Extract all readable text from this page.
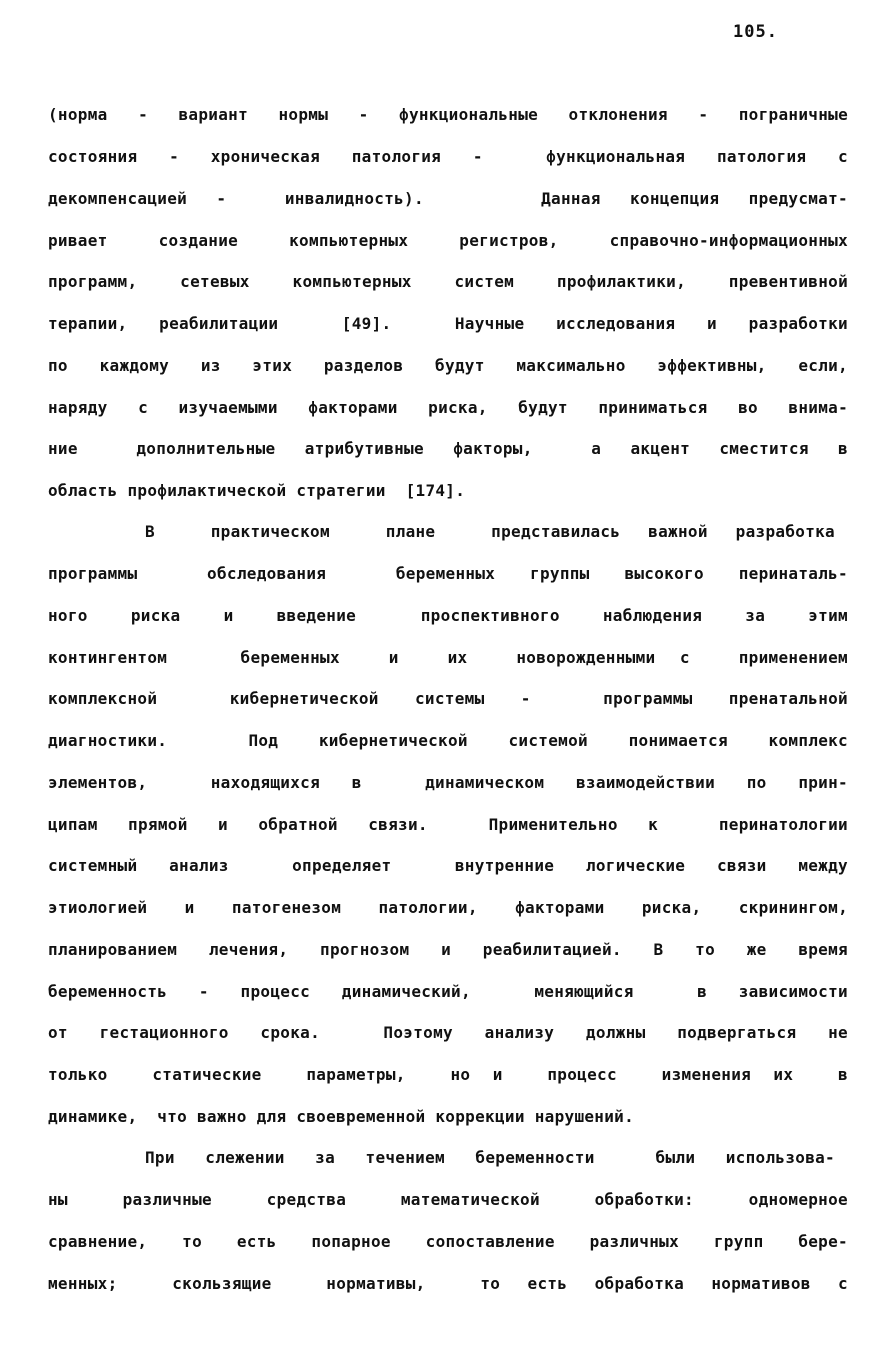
105.
(норма - вариант нормы - функциональные отклонения - пограничные
состояния - хроническая патология -  функциональная патология с
декомпенсацией -  инвалидность).    Данная концепция предусмат-
ривает создание компьютерных регистров, справочно-информационных
программ, сетевых компьютерных систем профилактики, превентивной
терапии, реабилитации  [49].  Научные исследования и разработки
по каждому из этих разделов будут максимально эффективны, если,
наряду с изучаемыми факторами риска, будут приниматься во внима-
ние  дополнительные атрибутивные факторы,  а акцент сместится в
область профилактической стратегии  [174].
В  практическом  плане  представилась важной разработка
программы  обследования  беременных группы высокого перинаталь-
ного  риска  и  введение   проспективного  наблюдения  за  этим
контингентом   беременных  и  их  новорожденными с  применением
комплексной  кибернетической системы -  программы пренатальной
диагностики.  Под кибернетической системой понимается комплекс
элементов,  находящихся в  динамическом взаимодействии по прин-
ципам прямой и обратной связи.  Применительно к  перинатологии
системный анализ  определяет  внутренние логические связи между
этиологией и патогенезом патологии, факторами риска, скринингом,
планированием лечения, прогнозом и реабилитацией. В то же время
беременность - процесс динамический,  меняющийся  в зависимости
от гестационного срока.  Поэтому анализу должны подвергаться не
только  статические  параметры,  но и  процесс  изменения их  в
динамике,  что важно для своевременной коррекции нарушений.
При слежении за течением беременности  были использова-
ны  различные  средства  математической  обработки:  одномерное
сравнение, то есть попарное сопоставление различных групп бере-
менных;  скользящие  нормативы,  то есть обработка нормативов с
